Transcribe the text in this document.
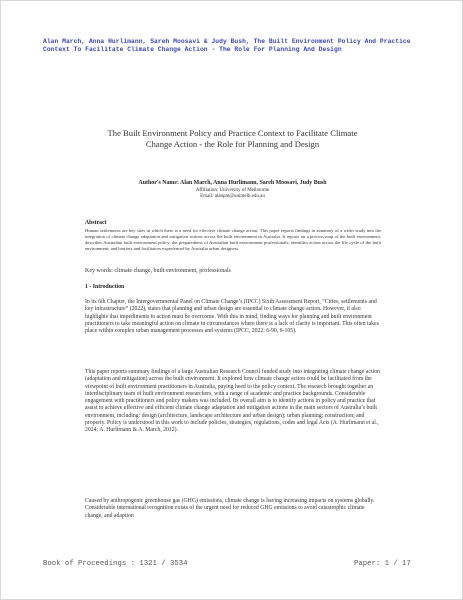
Alan March, Anna Hurlimann, Sareh Moosavi & Judy Bush, The Built Environment Policy And Practice Context To Facilitate Climate Change Action - The Role For Planning And Design
The Built Environment Policy and Practice Context to Facilitate Climate Change Action - the Role for Planning and Design
Author's Name: Alan March, Anna Hurlimann, Sareh Moosavi, Judy Bush
Affiliation: University of Melbourne
Email: alanpm@unimelb.edu.au
Abstract
Human settlements are key sites in which there is a need for effective climate change action. This paper reports findings in summary of a wider study into the integration of climate change adaptation and mitigation actions across the built environment in Australia. It reports on a process map of the built environment, describes Australian built environment policy, the preparedness of Australian built environment professionals; identifies action across the life cycle of the built environment; and barriers and facilitators experienced by Australia urban designers.
Key words: climate change, built environment, professionals
1 - Introduction
In its 6th Chapter, the Intergovernmental Panel on Climate Change’s (IPCC) Sixth Assessment Report, “Cities, settlements and key infrastructure” (2022), states that planning and urban design are essential to climate change action. However, it also highlights that impediments to action must be overcome. With this in mind, finding ways for planning and built environment practitioners to take meaningful action on climate in circumstances where there is a lack of clarity is important. This often takes place within complex urban management processes and systems (IPCC, 2022: 6-90, 6-105).
This paper reports summary findings of a large Australian Research Council funded study into integrating climate change action (adaptation and mitigation) across the built environment. It explored how climate change action could be facilitated from the viewpoint of built environment practitioners in Australia, paying heed to the policy context. The research brought together an interdisciplinary team of built environment researchers, with a range of academic and practice backgrounds. Considerable engagement with practitioners and policy makers was included. Its overall aim is to identify actions in policy and practice that assist to achieve effective and efficient climate change adaptation and mitigation actions in the main sectors of Australia’s built environment, including: design (architecture, landscape architecture and urban design); urban planning; construction; and property. Policy is understood in this work to include policies, strategies, regulations, codes and legal Acts (A. Hurlimann et al., 2024; A. Hurlimann & A. March, 2012).
Caused by anthropogenic greenhouse gas (GHG) emissions, climate change is having increasing impacts on systems globally. Considerable international recognition exists of the urgent need for reduced GHG emissions to avoid catastrophic climate change, and adaption
Book of Proceedings : 1321 / 3534	Paper: 1 / 17
